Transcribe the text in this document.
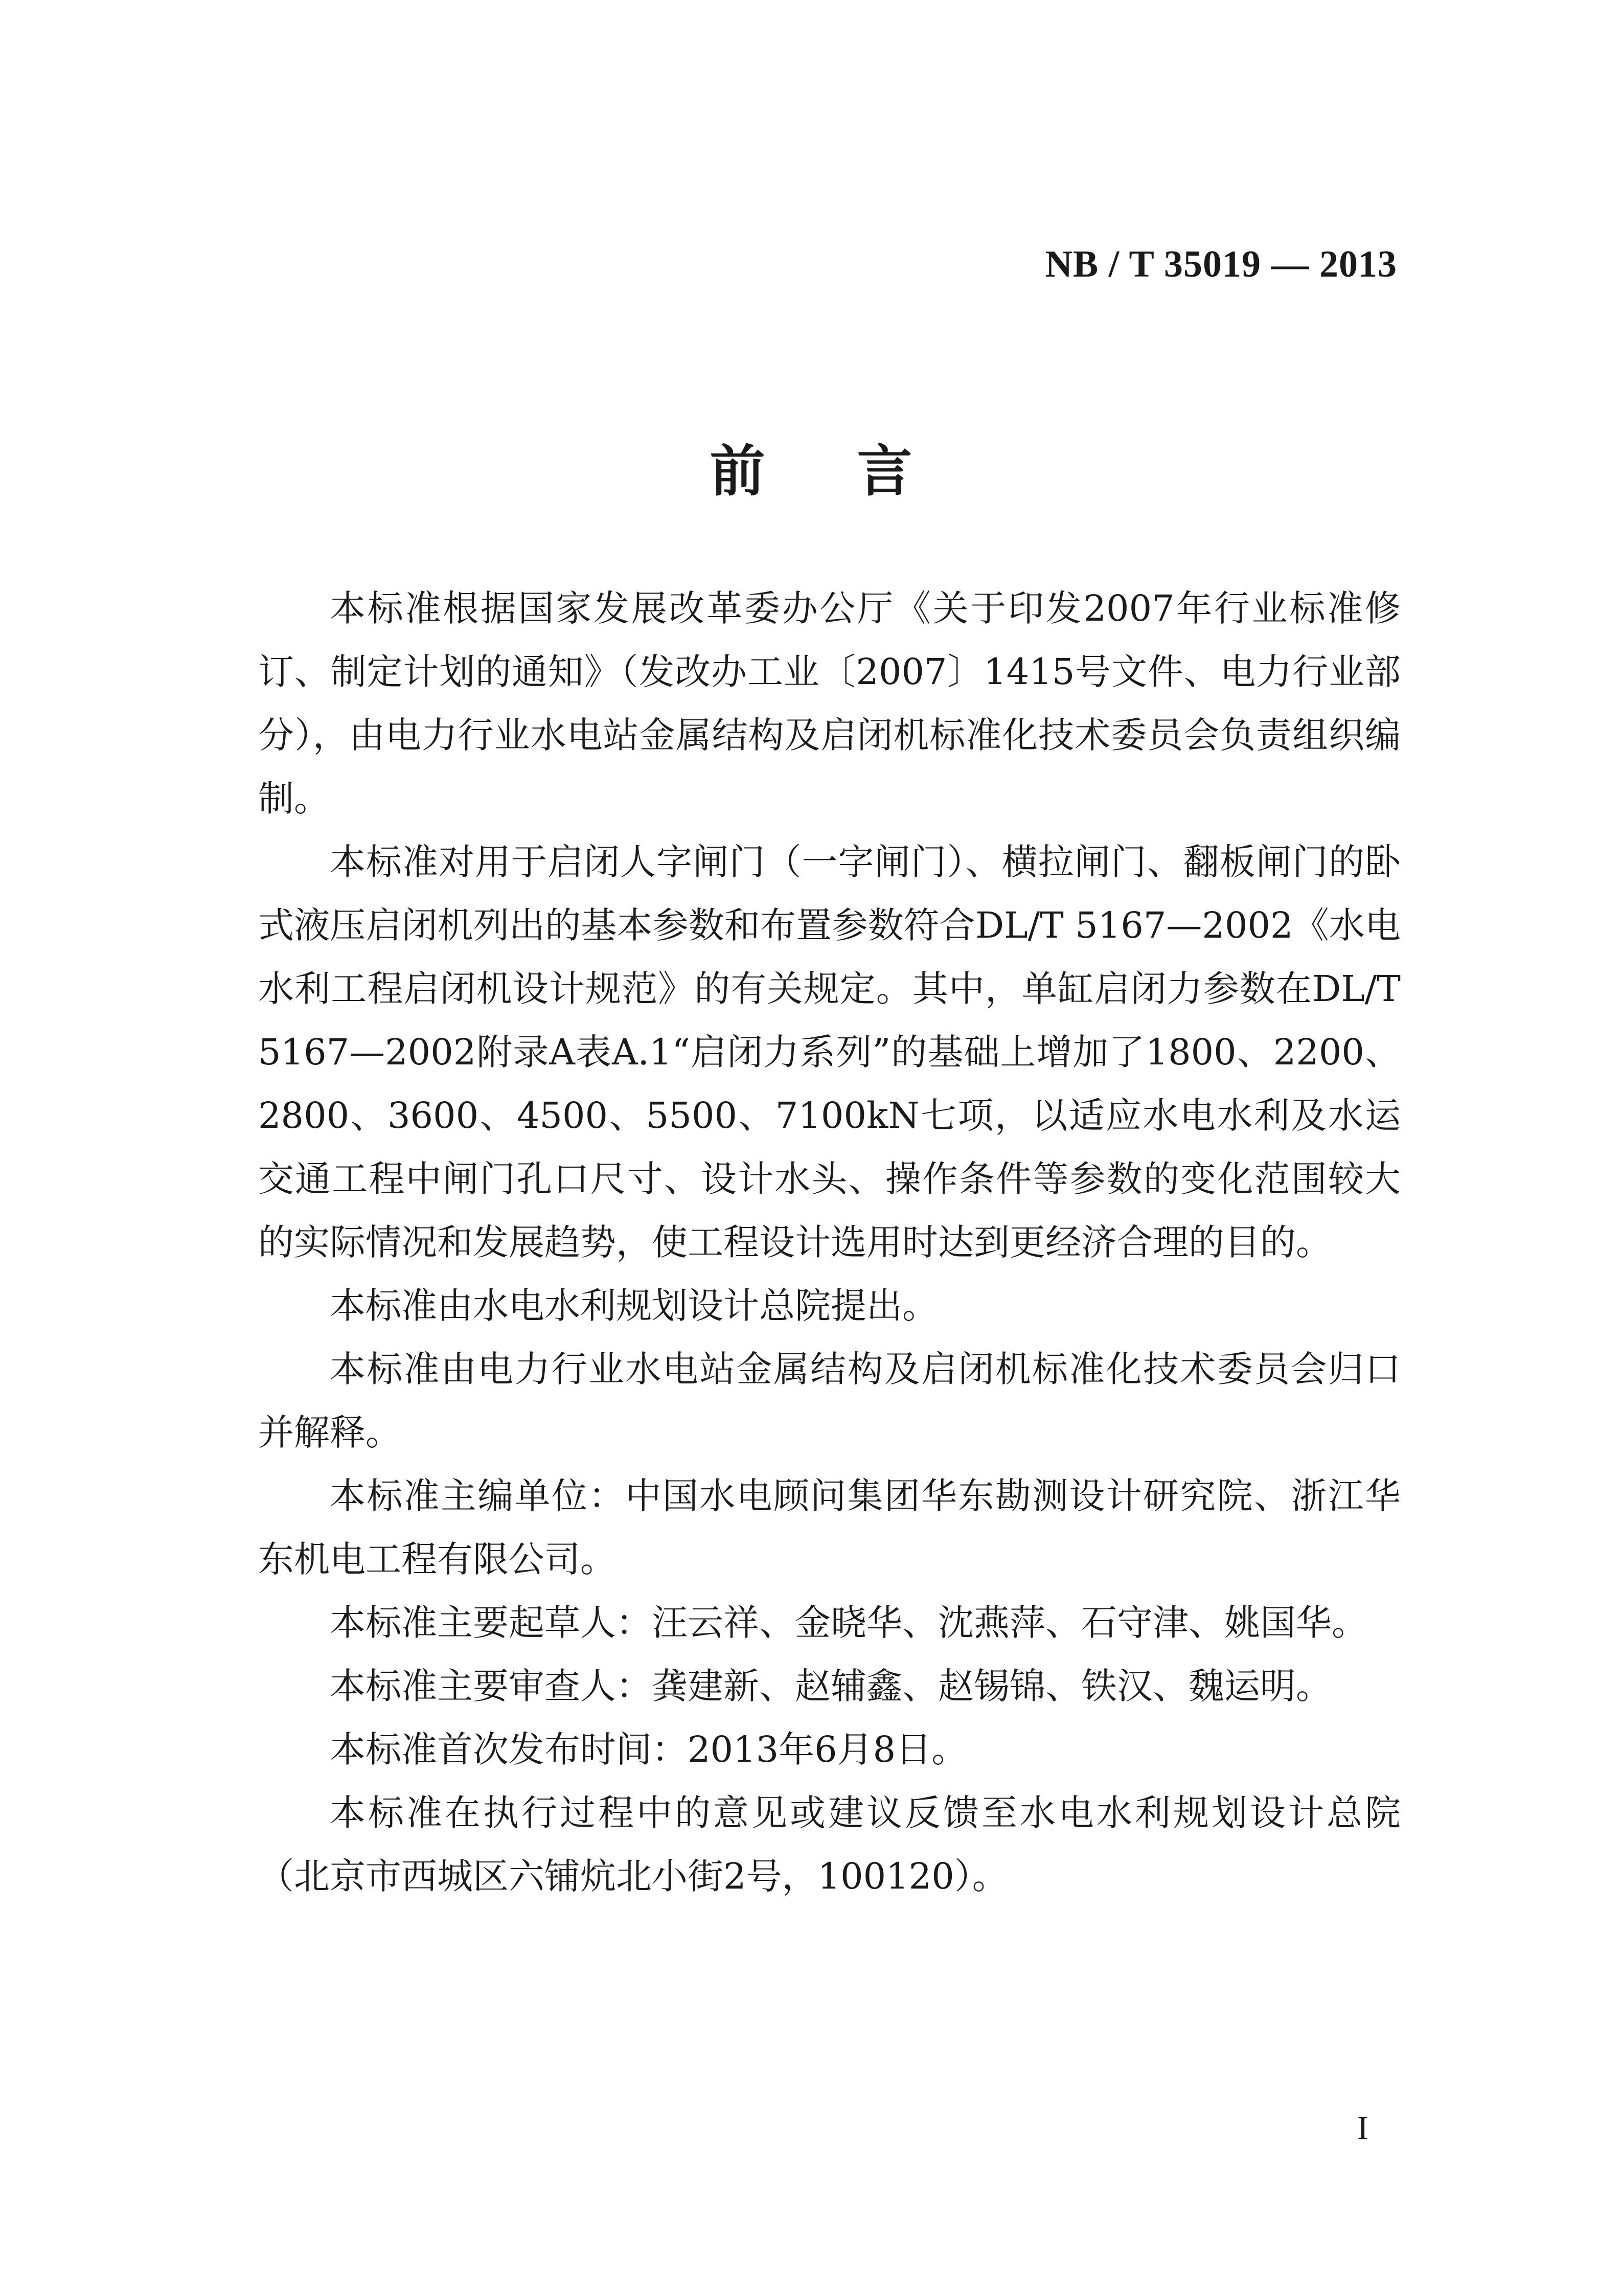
NB / T 35019 — 2013
前言

本标准根据国家发展改革委办公厅《关于印发2007年行业标准修订、制定计划的通知》（发改办工业〔2007〕1415号文件、电力行业部分），由电力行业水电站金属结构及启闭机标准化技术委员会负责组织编制。

本标准对用于启闭人字闸门（一字闸门）、横拉闸门、翻板闸门的卧式液压启闭机列出的基本参数和布置参数符合DL/T 5167—2002《水电水利工程启闭机设计规范》的有关规定。其中，单缸启闭力参数在DL/T 5167—2002附录A表A.1“启闭力系列”的基础上增加了1800、2200、2800、3600、4500、5500、7100kN七项，以适应水电水利及水运交通工程中闸门孔口尺寸、设计水头、操作条件等参数的变化范围较大的实际情况和发展趋势，使工程设计选用时达到更经济合理的目的。

本标准由水电水利规划设计总院提出。

本标准由电力行业水电站金属结构及启闭机标准化技术委员会归口并解释。

本标准主编单位：中国水电顾问集团华东勘测设计研究院、浙江华东机电工程有限公司。

本标准主要起草人：汪云祥、金晓华、沈燕萍、石守津、姚国华。

本标准主要审查人：龚建新、赵辅鑫、赵锡锦、铁汉、魏运明。

本标准首次发布时间：2013年6月8日。

本标准在执行过程中的意见或建议反馈至水电水利规划设计总院（北京市西城区六铺炕北小街2号，100120）。

I
